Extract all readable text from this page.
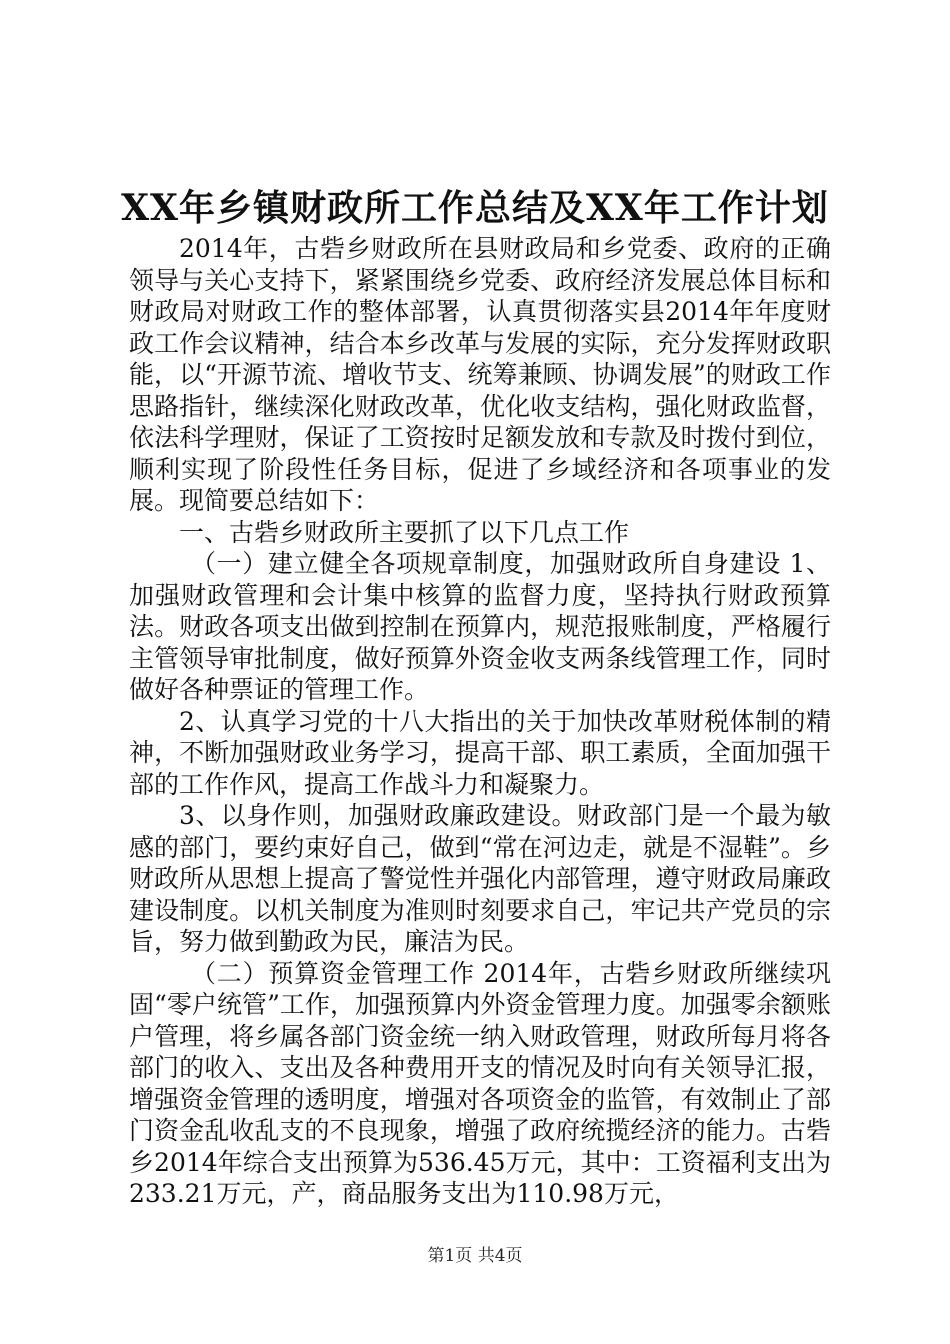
XX年乡镇财政所工作总结及XX年工作计划

2014年，古砦乡财政所在县财政局和乡党委、政府的正确领导与关心支持下，紧紧围绕乡党委、政府经济发展总体目标和财政局对财政工作的整体部署，认真贯彻落实县2014年年度财政工作会议精神，结合本乡改革与发展的实际，充分发挥财政职能，以“开源节流、增收节支、统筹兼顾、协调发展”的财政工作思路指针，继续深化财政改革，优化收支结构，强化财政监督，依法科学理财，保证了工资按时足额发放和专款及时拨付到位，顺利实现了阶段性任务目标，促进了乡域经济和各项事业的发展。现简要总结如下：

一、古砦乡财政所主要抓了以下几点工作

（一）建立健全各项规章制度，加强财政所自身建设 1、加强财政管理和会计集中核算的监督力度，坚持执行财政预算法。财政各项支出做到控制在预算内，规范报账制度，严格履行主管领导审批制度，做好预算外资金收支两条线管理工作，同时做好各种票证的管理工作。

2、认真学习党的十八大指出的关于加快改革财税体制的精神，不断加强财政业务学习，提高干部、职工素质，全面加强干部的工作作风，提高工作战斗力和凝聚力。

3、以身作则，加强财政廉政建设。财政部门是一个最为敏感的部门，要约束好自己，做到“常在河边走，就是不湿鞋”。乡财政所从思想上提高了警觉性并强化内部管理，遵守财政局廉政建设制度。以机关制度为准则时刻要求自己，牢记共产党员的宗旨，努力做到勤政为民，廉洁为民。

（二）预算资金管理工作 2014年，古砦乡财政所继续巩固“零户统管”工作，加强预算内外资金管理力度。加强零余额账户管理，将乡属各部门资金统一纳入财政管理，财政所每月将各部门的收入、支出及各种费用开支的情况及时向有关领导汇报，增强资金管理的透明度，增强对各项资金的监管，有效制止了部门资金乱收乱支的不良现象，增强了政府统揽经济的能力。古砦乡2014年综合支出预算为536.45万元，其中：工资福利支出为233.21万元，产，商品服务支出为110.98万元，

第1页 共4页
